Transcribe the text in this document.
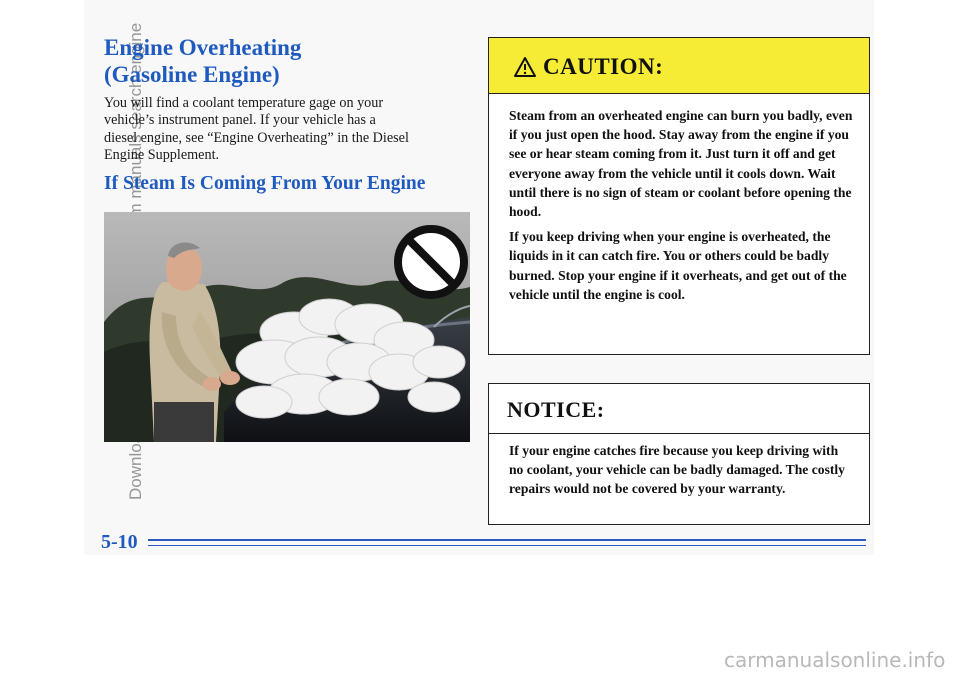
Engine Overheating
(Gasoline Engine)

You will find a coolant temperature gage on your
vehicle’s instrument panel. If your vehicle has a
diesel engine, see “Engine Overheating” in the Diesel
Engine Supplement.

If Steam Is Coming From Your Engine
CAUTION:

Steam from an overheated engine can burn you badly, even if you just open the hood. Stay away from the engine if you see or hear steam coming from it. Just turn it off and get everyone away from the vehicle until it cools down. Wait until there is no sign of steam or coolant before opening the hood.

If you keep driving when your engine is overheated, the liquids in it can catch fire. You or others could be badly burned. Stop your engine if it overheats, and get out of the vehicle until the engine is cool.

NOTICE:

If your engine catches fire because you keep driving with no coolant, your vehicle can be badly damaged. The costly repairs would not be covered by your warranty.

5-10
carmanualsonline.info
